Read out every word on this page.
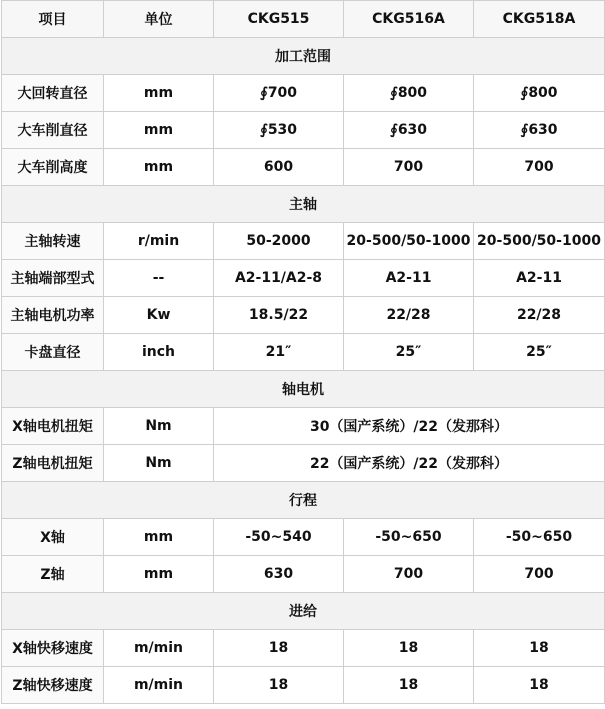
项目	单位	CKG515	CKG516A	CKG518A
加工范围				
大回转直径	mm	∮700	∮800	∮800
大车削直径	mm	∮530	∮630	∮630
大车削高度	mm	600	700	700
主轴				
主轴转速	r/min	50-2000	20-500/50-1000	20-500/50-1000
主轴端部型式	--	A2-11/A2-8	A2-11	A2-11
主轴电机功率	Kw	18.5/22	22/28	22/28
卡盘直径	inch	21″	25″	25″
轴电机				
X轴电机扭矩	Nm	30（国产系统）/22（发那科）		
Z轴电机扭矩	Nm	22（国产系统）/22（发那科）		
行程				
X轴	mm	-50~540	-50~650	-50~650
Z轴	mm	630	700	700
进给				
X轴快移速度	m/min	18	18	18
Z轴快移速度	m/min	18	18	18
